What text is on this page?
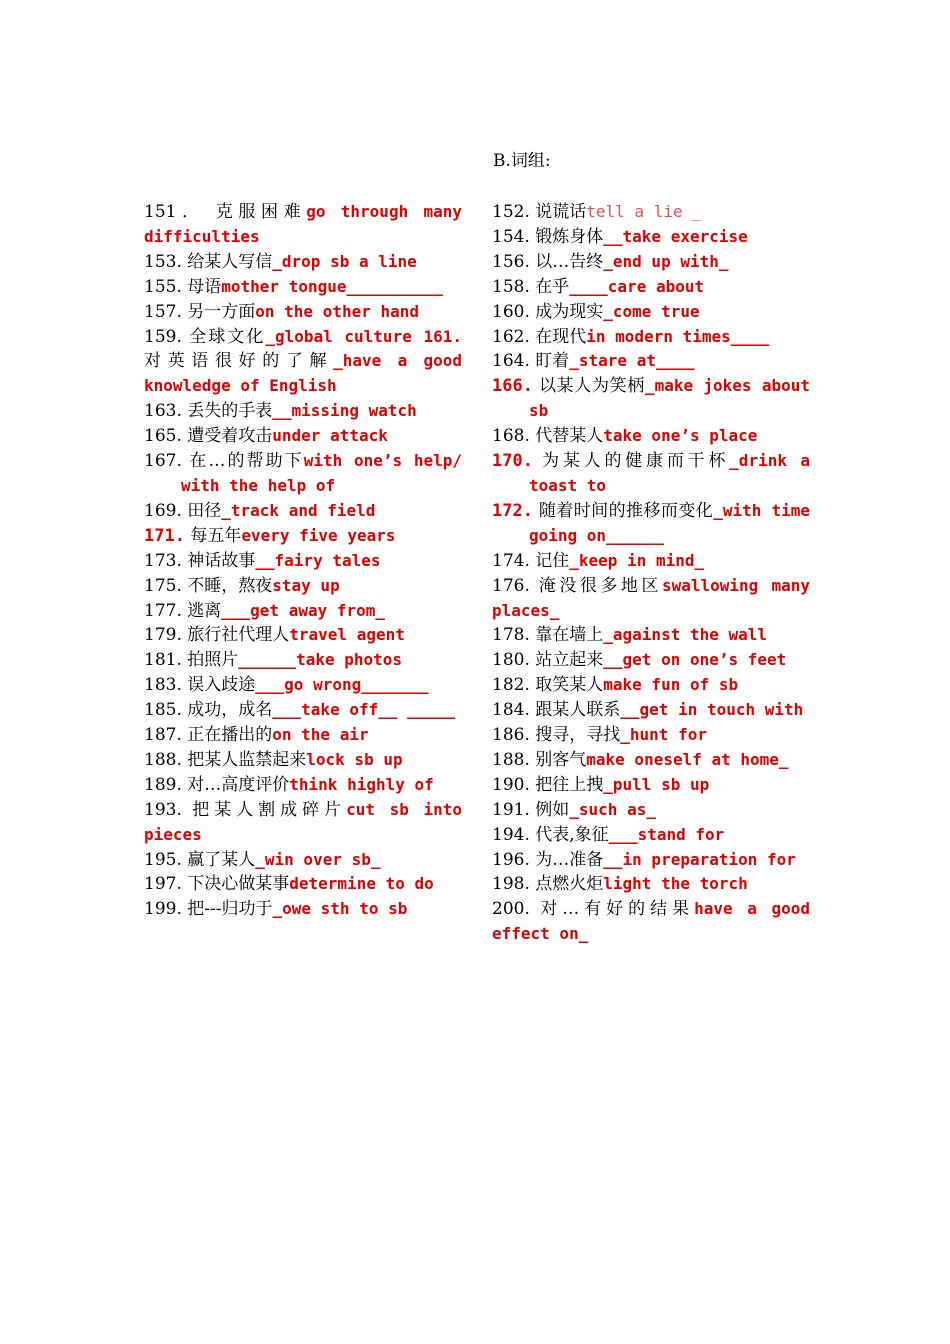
B.词组:

151． 克服困难go through many difficulties

153. 给某人写信_drop sb a line

155. 母语mother tongue__________

157. 另一方面on the other hand

159. 全球文化_global culture 161. 对英语很好的了解_have a good knowledge of English

163. 丢失的手表__missing watch

165. 遭受着攻击under attack

167. 在…的帮助下with one’s help/ with the help of

169. 田径_track and field

171. 每五年every five years

173. 神话故事__fairy tales

175. 不睡，熬夜stay up

177. 逃离___get away from_

179. 旅行社代理人travel agent

181. 拍照片______take photos

183. 误入歧途___go wrong_______

185. 成功，成名___take off__ _____

187. 正在播出的on the air

188. 把某人监禁起来lock sb up

189. 对…高度评价think highly of

193. 把某人割成碎片cut sb into pieces

195. 赢了某人_win over sb_

197. 下决心做某事determine to do

199. 把---归功于_owe sth to sb

152. 说谎话tell a lie _

154. 锻炼身体__take exercise

156. 以…告终_end up with_

158. 在乎____care about

160. 成为现实_come true

162. 在现代in modern times____

164. 盯着_stare at____

166. 以某人为笑柄_make jokes about sb

168. 代替某人take one’s place

170. 为某人的健康而干杯_drink a toast to

172. 随着时间的推移而变化_with time going on______

174. 记住_keep in mind_

176. 淹没很多地区swallowing many places_

178. 靠在墙上_against the wall

180. 站立起来__get on one’s feet

182. 取笑某人make fun of sb

184. 跟某人联系__get in touch with

186. 搜寻，寻找_hunt for

188. 别客气make oneself at home_

190. 把往上拽_pull sb up

191. 例如_such as_

194. 代表,象征___stand for

196. 为…准备__in preparation for

198. 点燃火炬light the torch

200. 对…有好的结果have a good effect on_
